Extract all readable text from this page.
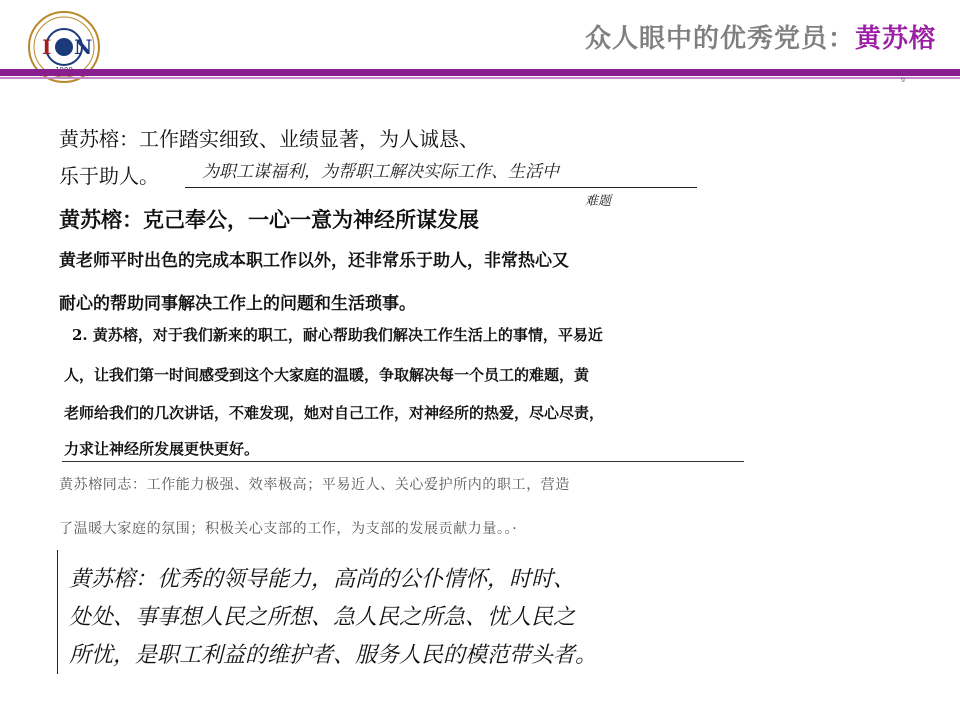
I N	众人眼中的优秀党员：黄苏榕
ᵍ
黄苏榕：工作踏实细致、业绩显著，为人诚恳、
乐于助人。	为职工谋福利，为帮职工解决实际工作、生活中
难题
黄苏榕：克己奉公，一心一意为神经所谋发展
黄老师平时出色的完成本职工作以外，还非常乐于助人，非常热心又
耐心的帮助同事解决工作上的问题和生活琐事。
2. 黄苏榕，对于我们新来的职工，耐心帮助我们解决工作生活上的事情，平易近
人，让我们第一时间感受到这个大家庭的温暖，争取解决每一个员工的难题，黄
老师给我们的几次讲话，不难发现，她对自己工作，对神经所的热爱，尽心尽责，
力求让神经所发展更快更好。
黄苏榕同志：工作能力极强、效率极高；平易近人、关心爱护所内的职工，营造
了温暖大家庭的氛围；积极关心支部的工作，为支部的发展贡献力量。。·
黄苏榕：优秀的领导能力，高尚的公仆情怀，时时、
处处、事事想人民之所想、急人民之所急、忧人民之
所忧，是职工利益的维护者、服务人民的模范带头者。
